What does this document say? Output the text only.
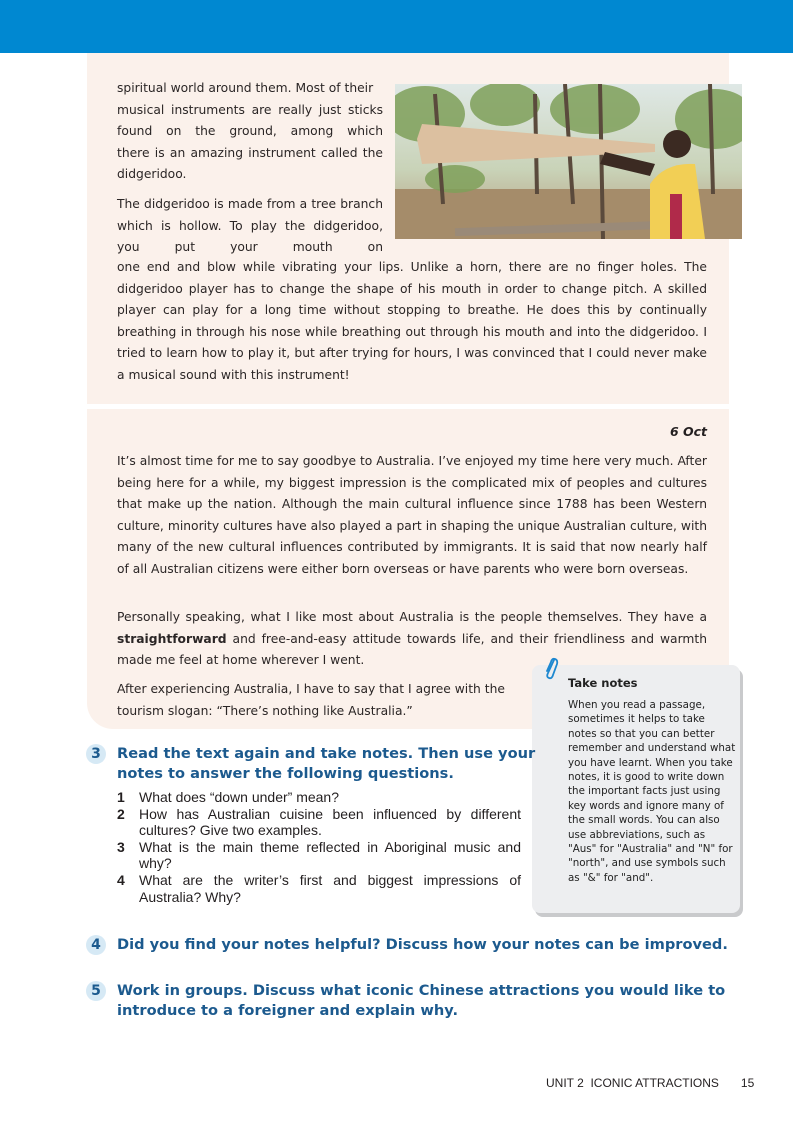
spiritual world around them. Most of their

musical instruments are really just sticks

found on the ground, among which

there is an amazing instrument called the

didgeridoo.

The didgeridoo is made from a tree branch which is hollow. To play the didgeridoo, you put your mouth on

one end and blow while vibrating your lips. Unlike a horn, there are no finger holes. The didgeridoo player has to change the shape of his mouth in order to change pitch. A skilled player can play for a long time without stopping to breathe. He does this by continually breathing in through his nose while breathing out through his mouth and into the didgeridoo. I tried to learn how to play it, but after trying for hours, I was convinced that I could never make a musical sound with this instrument!

6 Oct

It’s almost time for me to say goodbye to Australia. I’ve enjoyed my time here very much. After being here for a while, my biggest impression is the complicated mix of peoples and cultures that make up the nation. Although the main cultural influence since 1788 has been Western culture, minority cultures have also played a part in shaping the unique Australian culture, with many of the new cultural influences contributed by immigrants. It is said that now nearly half of all Australian citizens were either born overseas or have parents who were born overseas.

Personally speaking, what I like most about Australia is the people themselves. They have a straightforward and free-and-easy attitude towards life, and their friendliness and warmth made me feel at home wherever I went.

After experiencing Australia, I have to say that I agree with the
tourism slogan: “There’s nothing like Australia.”

Take notes
When you read a passage, sometimes it helps to take notes so that you can better remember and understand what you have learnt. When you take notes, it is good to write down the important facts just using key words and ignore many of the small words. You can also use abbreviations, such as "Aus" for "Australia" and "N" for "north", and use symbols such as "&" for "and".
3	Read the text again and take notes. Then use your
notes to answer the following questions.
1 What does “down under” mean?
2 How has Australian cuisine been influenced by different cultures? Give two examples.
3 What is the main theme reflected in Aboriginal music and why?
4 What are the writer’s first and biggest impressions of Australia? Why?
4	Did you find your notes helpful? Discuss how your notes can be improved.
5	Work in groups. Discuss what iconic Chinese attractions you would like to
introduce to a foreigner and explain why.
UNIT 2  ICONIC ATTRACTIONS 15
